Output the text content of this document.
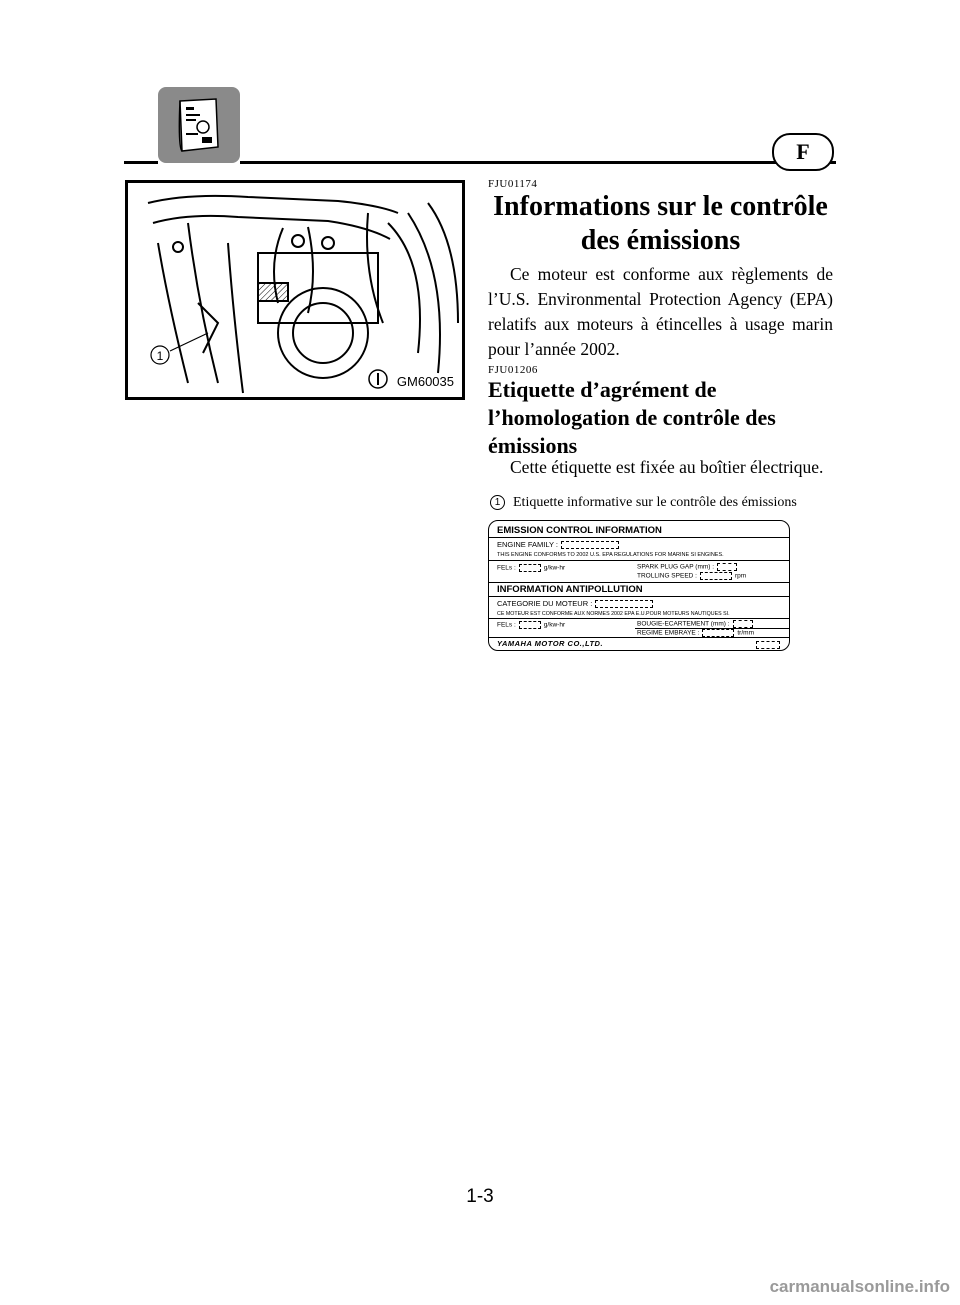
F
1
GM60035
FJU01174
Informations sur le contrôle des émissions

Ce moteur est conforme aux règlements de l’U.S. Environmental Protection Agency (EPA) relatifs aux moteurs à étincelles à usage marin pour l’année 2002.

FJU01206
Etiquette d’agrément de l’homologation de contrôle des émissions

Cette étiquette est fixée au boîtier électrique.

1 Etiquette informative sur le contrôle des émissions
EMISSION CONTROL INFORMATION
ENGINE FAMILY :
THIS ENGINE CONFORMS TO 2002 U.S. EPA REGULATIONS FOR MARINE SI ENGINES.
FELs :	g/kw-hr	SPARK PLUG GAP (mm) :
TROLLING SPEED :	rpm
INFORMATION ANTIPOLLUTION
CATEGORIE DU MOTEUR :
CE MOTEUR EST CONFORME AUX NORMES 2002 EPA E.U.POUR MOTEURS NAUTIQUES SI.
FELs :	g/kw-hr	BOUGIE-ECARTEMENT (mm) :
REGIME EMBRAYE :	tr/mm
YAMAHA MOTOR CO.,LTD.
1-3
carmanualsonline.info
